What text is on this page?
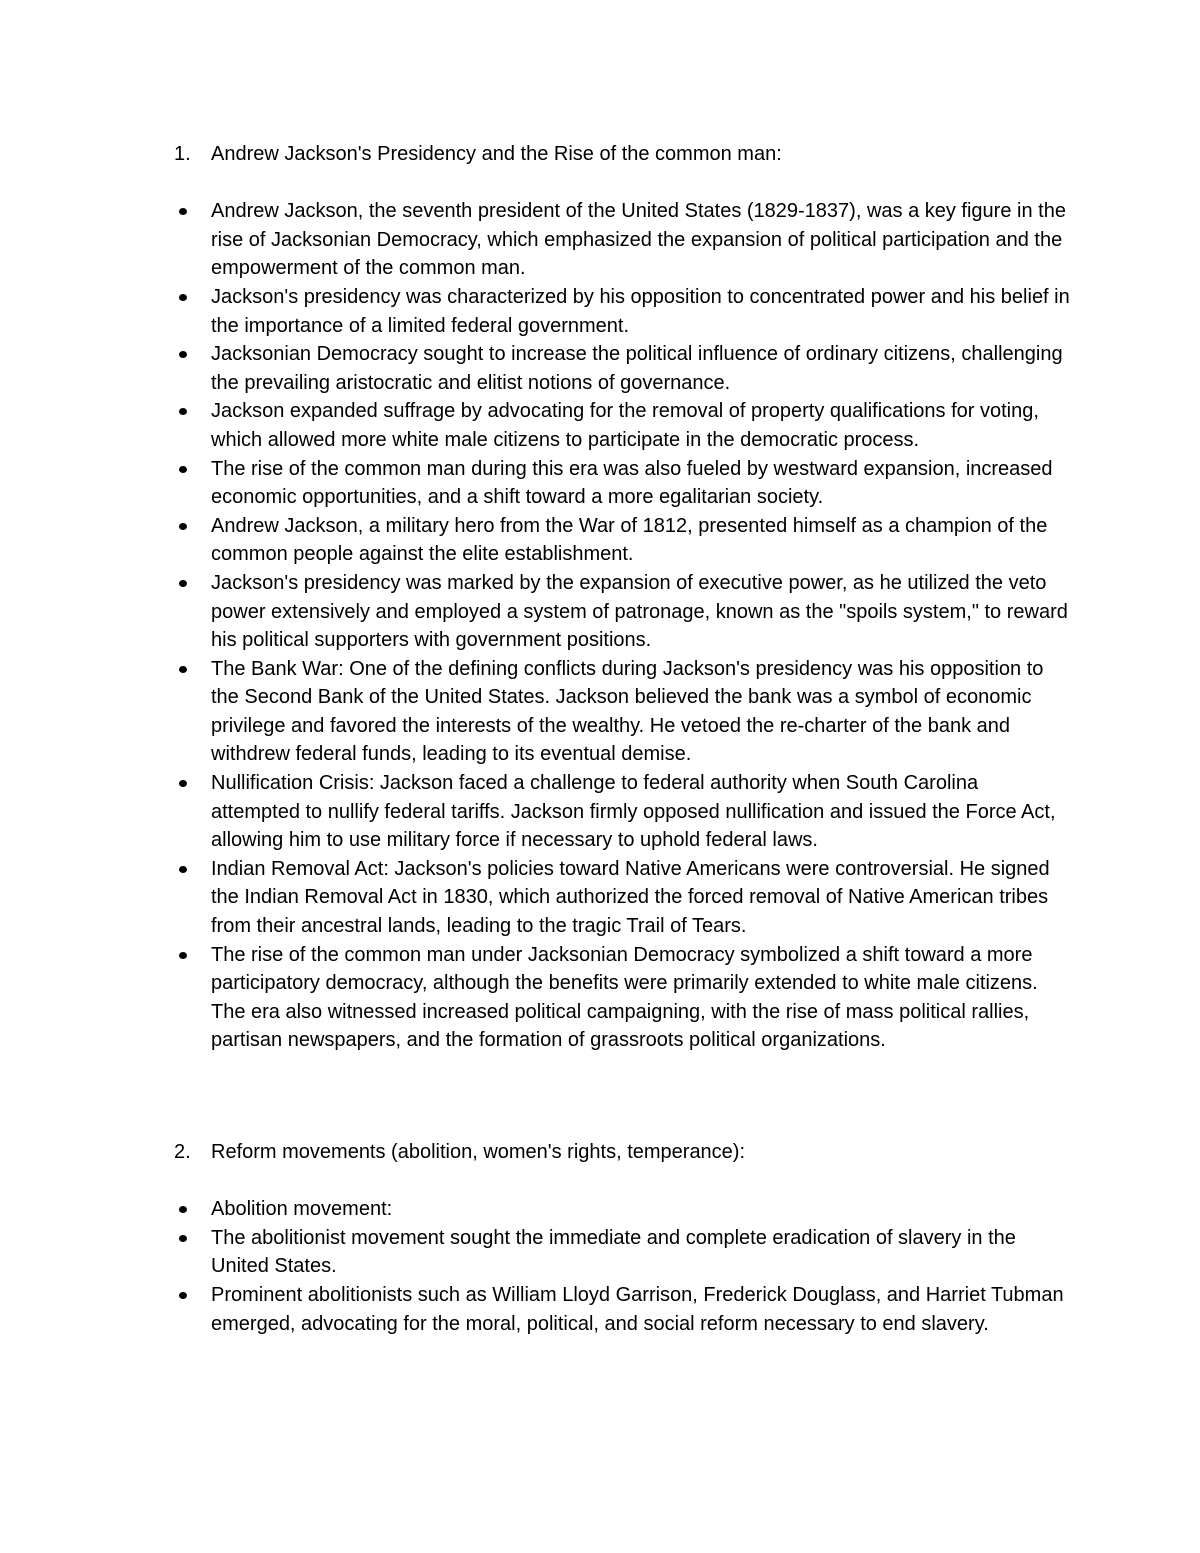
1. Andrew Jackson's Presidency and the Rise of the common man:

Andrew Jackson, the seventh president of the United States (1829-1837), was a key figure in the rise of Jacksonian Democracy, which emphasized the expansion of political participation and the empowerment of the common man.
Jackson's presidency was characterized by his opposition to concentrated power and his belief in the importance of a limited federal government.
Jacksonian Democracy sought to increase the political influence of ordinary citizens, challenging the prevailing aristocratic and elitist notions of governance.
Jackson expanded suffrage by advocating for the removal of property qualifications for voting, which allowed more white male citizens to participate in the democratic process.
The rise of the common man during this era was also fueled by westward expansion, increased economic opportunities, and a shift toward a more egalitarian society.
Andrew Jackson, a military hero from the War of 1812, presented himself as a champion of the common people against the elite establishment.
Jackson's presidency was marked by the expansion of executive power, as he utilized the veto power extensively and employed a system of patronage, known as the "spoils system," to reward his political supporters with government positions.
The Bank War: One of the defining conflicts during Jackson's presidency was his opposition to the Second Bank of the United States. Jackson believed the bank was a symbol of economic privilege and favored the interests of the wealthy. He vetoed the re-charter of the bank and withdrew federal funds, leading to its eventual demise.
Nullification Crisis: Jackson faced a challenge to federal authority when South Carolina attempted to nullify federal tariffs. Jackson firmly opposed nullification and issued the Force Act, allowing him to use military force if necessary to uphold federal laws.
Indian Removal Act: Jackson's policies toward Native Americans were controversial. He signed the Indian Removal Act in 1830, which authorized the forced removal of Native American tribes from their ancestral lands, leading to the tragic Trail of Tears.
The rise of the common man under Jacksonian Democracy symbolized a shift toward a more participatory democracy, although the benefits were primarily extended to white male citizens. The era also witnessed increased political campaigning, with the rise of mass political rallies, partisan newspapers, and the formation of grassroots political organizations.

2. Reform movements (abolition, women's rights, temperance):

Abolition movement:
The abolitionist movement sought the immediate and complete eradication of slavery in the United States.
Prominent abolitionists such as William Lloyd Garrison, Frederick Douglass, and Harriet Tubman emerged, advocating for the moral, political, and social reform necessary to end slavery.
